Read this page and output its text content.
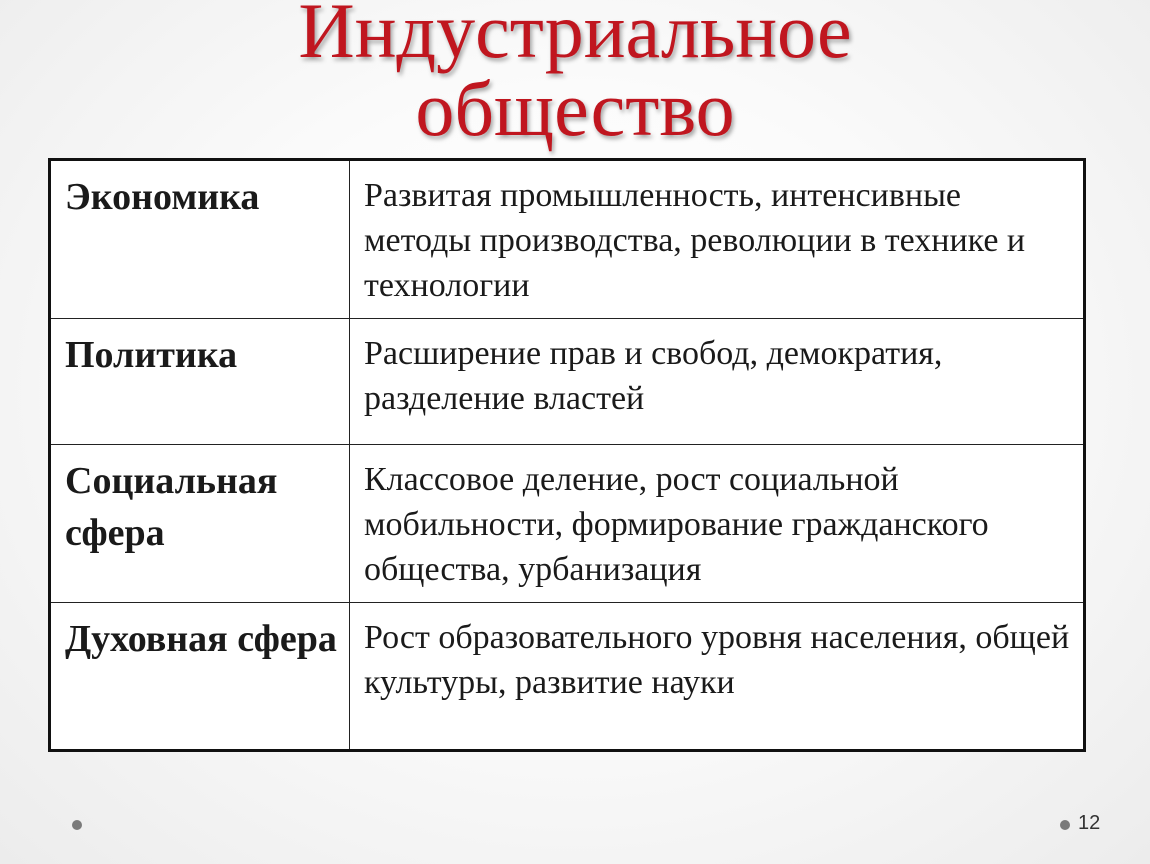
Индустриальное
общество
Экономика	Развитая промышленность, интенсивные методы производства, революции в технике и технологии
Политика	Расширение прав и свобод, демократия, разделение властей
Социальная сфера	Классовое деление, рост социальной мобильности, формирование гражданского общества, урбанизация
Духовная сфера	Рост образовательного уровня населения, общей культуры, развитие науки
12
